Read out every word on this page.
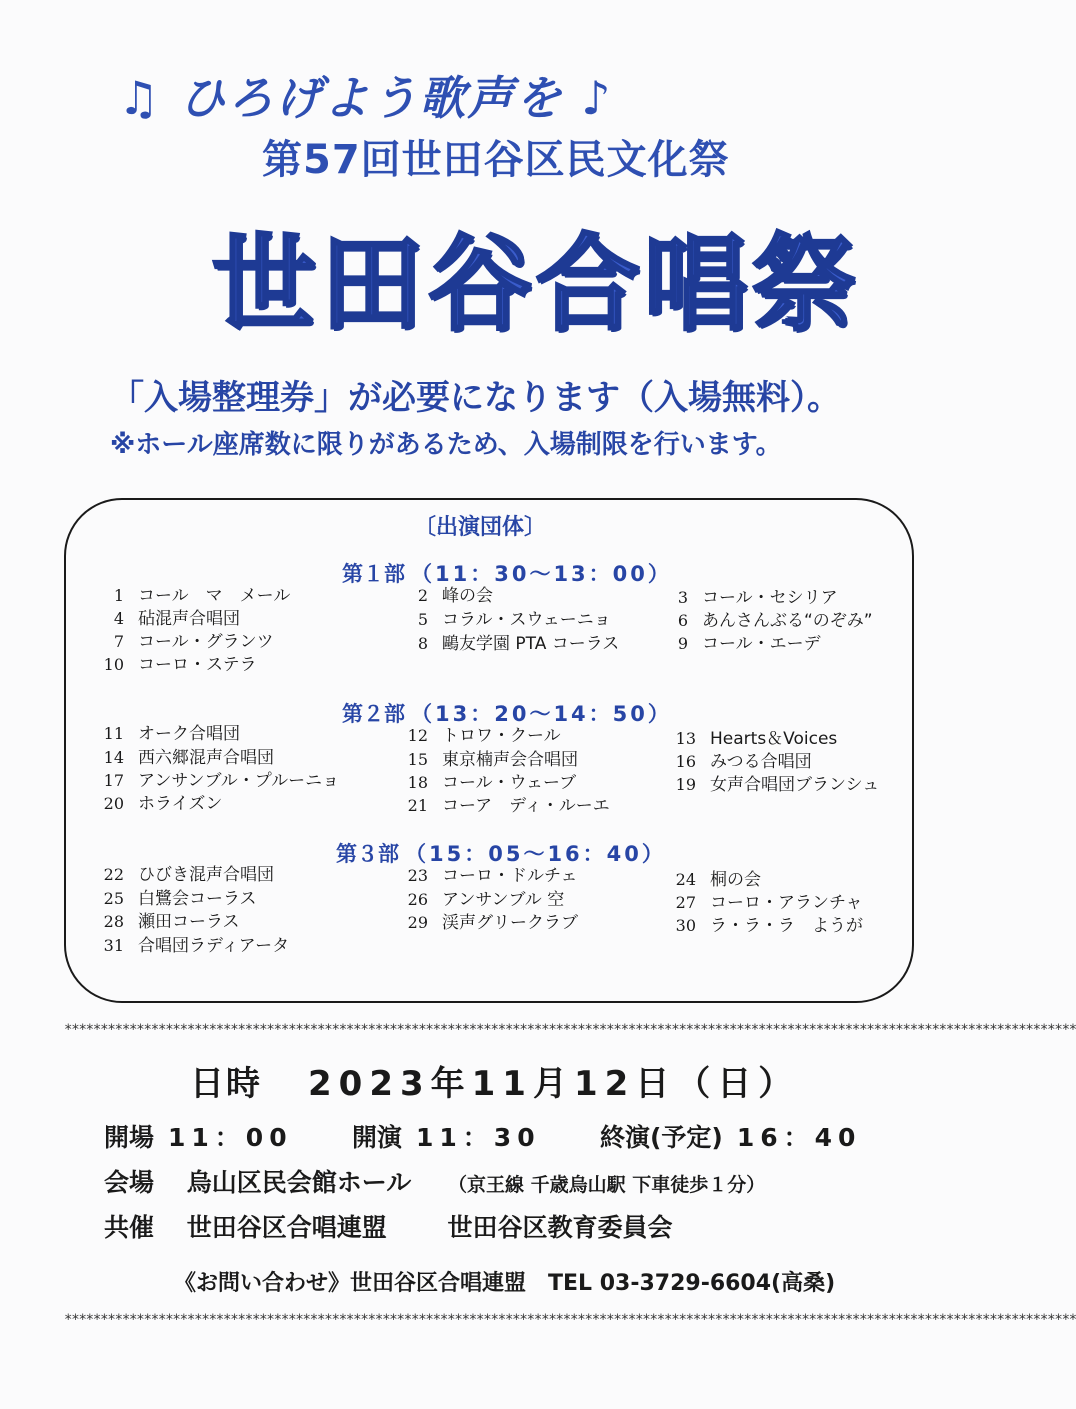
♫ ひろげよう歌声を ♪
第57回世田谷区民文化祭
世田谷合唱祭
「入場整理券」が必要になります（入場無料）。
※ホール座席数に限りがあるため、入場制限を行います。
〔出演団体〕
第１部 （11：30〜13：00）
1 コール　マ　メール	2 峰の会	3 コール・セシリア
4 砧混声合唱団	5 コラル・スウェーニョ	6 あんさんぶる“のぞみ”
7 コール・グランツ	8 鷗友学園 PTA コーラス	9 コール・エーデ
10 コーロ・ステラ
第２部 （13：20〜14：50）
11 オーク合唱団	12 トロワ・クール	13 Hearts＆Voices
14 西六郷混声合唱団	15 東京楠声会合唱団	16 みつる合唱団
17 アンサンブル・プルーニョ	18 コール・ウェーブ	19 女声合唱団ブランシュ
20 ホライズン	21 コーア　ディ・ルーエ
第３部 （15：05〜16：40）
22 ひびき混声合唱団	23 コーロ・ドルチェ	24 桐の会
25 白鷺会コーラス	26 アンサンブル 空	27 コーロ・アランチャ
28 瀬田コーラス	29 渓声グリークラブ	30 ラ・ラ・ラ　ようが
31 合唱団ラディアータ
********************************************************************************************************************************************
日時 2023年11月12日（日）
開場 11：00 開演 11：30 終演(予定) 16：40
会場 烏山区民会館ホール （京王線 千歳烏山駅 下車徒歩１分）
共催 世田谷区合唱連盟 世田谷区教育委員会
《お問い合わせ》世田谷区合唱連盟　TEL 03-3729-6604(高桑)
********************************************************************************************************************************************
